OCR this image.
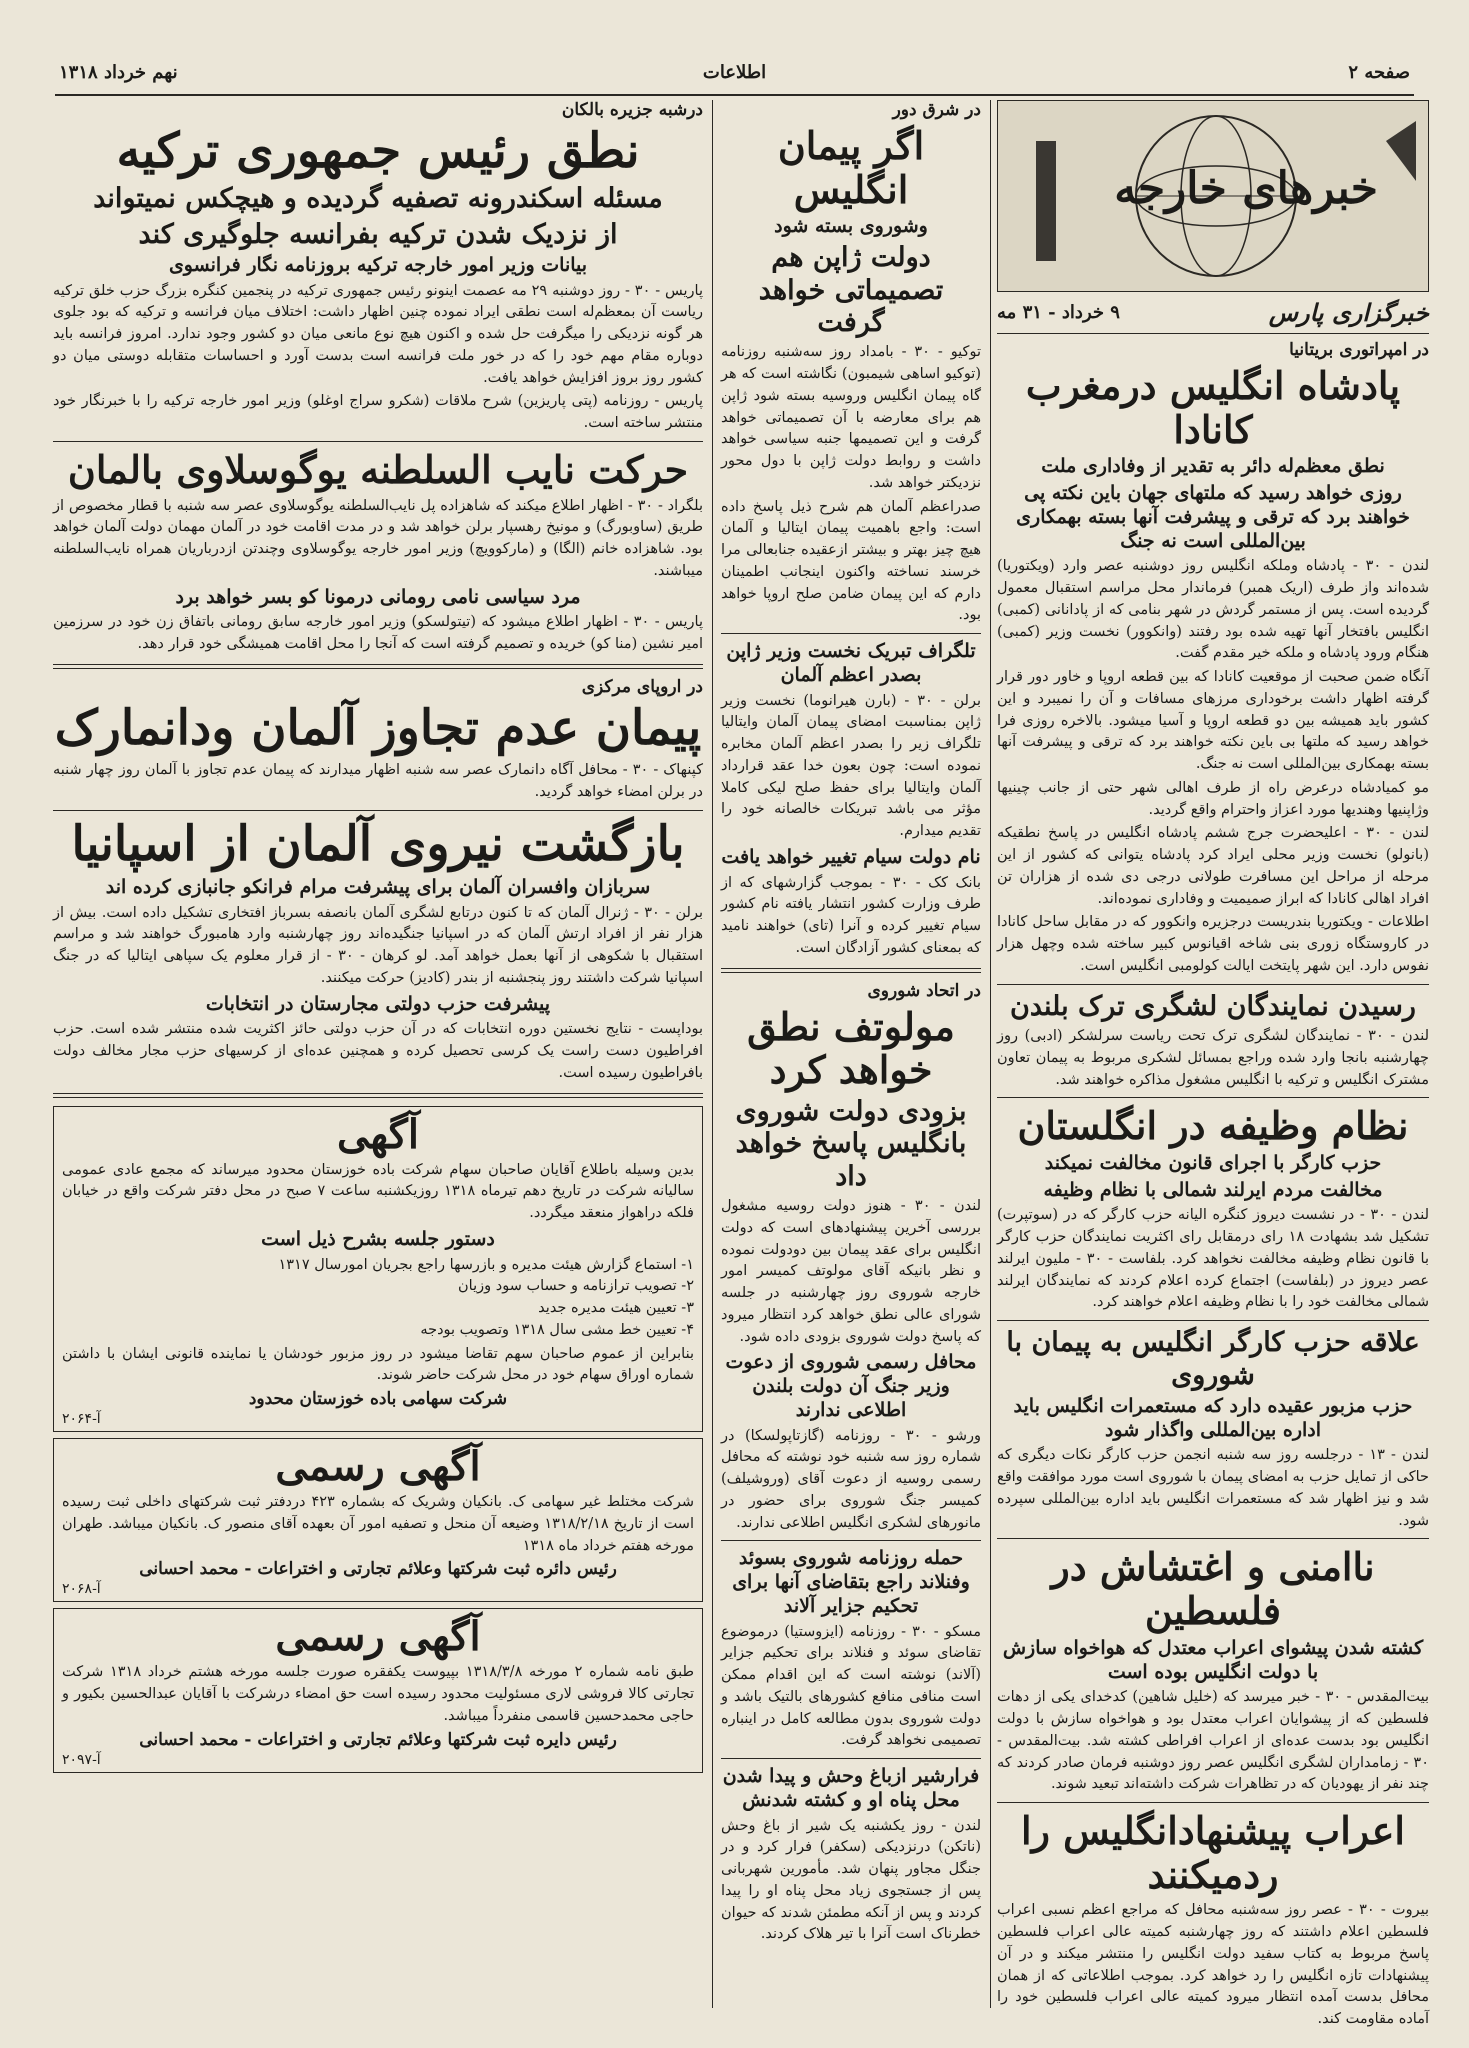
صفحه ۲
اطلاعات
نهم خرداد ۱۳۱۸
خبرهای خارجه
خبرگزاری پارس
۹ خرداد - ۳۱ مه
در امپراتوری بریتانیا
پادشاه انگلیس درمغرب کانادا
نطق معظم‌له دائر به تقدیر از وفاداری ملت
روزی خواهد رسید که ملتهای جهان باین نکته پی خواهند برد که ترقی و پیشرفت آنها بسته بهمکاری بین‌المللی است نه جنگ

لندن - ۳۰ - پادشاه وملکه انگلیس روز دوشنبه عصر وارد (ویکتوریا) شده‌اند واز طرف (اریک همبر) فرماندار محل مراسم استقبال معمول گردیده است. پس از مستمر گردش در شهر بنامی که از پادانانی (کمبی) انگلیس بافتخار آنها تهیه شده بود رفتند (وانکوور) نخست وزیر (کمبی) هنگام ورود پادشاه و ملکه خیر مقدم گفت.

آنگاه ضمن صحبت از موقعیت کانادا که بین قطعه اروپا و خاور دور قرار گرفته اظهار داشت برخوداری مرزهای مسافات و آن را نمیبرد و این کشور باید همیشه بین دو قطعه اروپا و آسیا میشود. بالاخره روزی فرا خواهد رسید که ملتها بی باین نکته خواهند برد که ترقی و پیشرفت آنها بسته بهمکاری بین‌المللی است نه جنگ.

مو کمیادشاه درعرض راه از طرف اهالی شهر حتی از جانب چینیها وژاپنیها وهندیها مورد اعزاز واحترام واقع گردید.

لندن - ۳۰ - اعلیحضرت جرج ششم پادشاه انگلیس در پاسخ نطقیکه (بانولو) نخست وزیر محلی ایراد کرد پادشاه یتوانی که کشور از این مرحله از مراحل این مسافرت طولانی درجی دی شده از هزاران تن افراد اهالی کانادا که ابراز صمیمیت و وفاداری نموده‌اند.

اطلاعات - ویکتوریا بندریست درجزیره وانکوور که در مقابل ساحل کانادا در کاروستگاه زوری بنی شاخه اقیانوس کبیر ساخته شده وچهل هزار نفوس دارد. این شهر پایتخت ایالت کولومبی انگلیس است.

رسیدن نمایندگان لشگری ترک بلندن

لندن - ۳۰ - نمایندگان لشگری ترک تحت ریاست سرلشکر (ادبی) روز چهارشنبه بانجا وارد شده وراجع بمسائل لشکری مربوط به پیمان تعاون مشترک انگلیس و ترکیه با انگلیس مشغول مذاکره خواهند شد.

نظام وظیفه در انگلستان
حزب کارگر با اجرای قانون مخالفت نمیکند
مخالفت مردم ایرلند شمالی با نظام وظیفه

لندن - ۳۰ - در نشست دیروز کنگره الیانه حزب کارگر که در (سوتپرت) تشکیل شد بشهادت ۱۸ رای درمقابل رای اکثریت نمایندگان حزب کارگر با قانون نظام وظیفه مخالفت نخواهد کرد. بلفاست - ۳۰ - ملیون ایرلند عصر دیروز در (بلفاست) اجتماع کرده اعلام کردند که نمایندگان ایرلند شمالی مخالفت خود را با نظام وظیفه اعلام خواهند کرد.

علاقه حزب کارگر انگلیس به پیمان با شوروی
حزب مزبور عقیده دارد که مستعمرات انگلیس باید اداره بین‌المللی واگذار شود

لندن - ۱۳ - درجلسه روز سه شنبه انجمن حزب کارگر نکات دیگری که حاکی از تمایل حزب به امضای پیمان با شوروی است مورد موافقت واقع شد و نیز اظهار شد که مستعمرات انگلیس باید اداره بین‌المللی سپرده شود.

ناامنی و اغتشاش در فلسطین
کشته شدن پیشوای اعراب معتدل که هواخواه سازش با دولت انگلیس بوده است

بیت‌المقدس - ۳۰ - خبر میرسد که (خلیل شاهین) کدخدای یکی از دهات فلسطین که از پیشوایان اعراب معتدل بود و هواخواه سازش با دولت انگلیس بود بدست عده‌ای از اعراب افراطی کشته شد. بیت‌المقدس - ۳۰ - زمامداران لشگری انگلیس عصر روز دوشنبه فرمان صادر کردند که چند نفر از یهودیان که در تظاهرات شرکت داشته‌اند تبعید شوند.

اعراب پیشنهادانگلیس را ردمیکنند

بیروت - ۳۰ - عصر روز سه‌شنبه محافل که مراجع اعظم نسبی اعراب فلسطین اعلام داشتند که روز چهارشنبه کمیته عالی اعراب فلسطین پاسخ مربوط به کتاب سفید دولت انگلیس را منتشر میکند و در آن پیشنهادات تازه انگلیس را رد خواهد کرد. بموجب اطلاعاتی که از همان محافل بدست آمده انتظار میرود کمیته عالی اعراب فلسطین خود را آماده مقاومت کند.

در شرق دور
اگر پیمان انگلیس
وشوروی بسته شود
دولت ژاپن هم تصمیماتی خواهد گرفت

توکیو - ۳۰ - بامداد روز سه‌شنبه روزنامه (توکیو اساهی شیمبون) نگاشته است که هر گاه پیمان انگلیس وروسیه بسته شود ژاپن هم برای معارضه با آن تصمیماتی خواهد گرفت و این تصمیمها جنبه سیاسی خواهد داشت و روابط دولت ژاپن با دول محور نزدیکتر خواهد شد.

صدراعظم آلمان هم شرح ذیل پاسخ داده است: واجع باهمیت پیمان ایتالیا و آلمان هیچ چیز بهتر و بیشتر ازعقیده جنابعالی مرا خرسند نساخته واکنون اینجانب اطمینان دارم که این پیمان ضامن صلح اروپا خواهد بود.

تلگراف تبریک نخست وزیر ژاپن بصدر اعظم آلمان

برلن - ۳۰ - (بارن هیرانوما) نخست وزیر ژاپن بمناسبت امضای پیمان آلمان وایتالیا تلگراف زیر را بصدر اعظم آلمان مخابره نموده است: چون بعون خدا عقد قرارداد آلمان وایتالیا برای حفظ صلح لیکی کاملا مؤثر می باشد تبریکات خالصانه خود را تقدیم میدارم.

نام دولت سیام تغییر خواهد یافت

بانک کک - ۳۰ - بموجب گزارشهای که از طرف وزارت کشور انتشار یافته نام کشور سیام تغییر کرده و آنرا (تای) خواهند نامید که بمعنای کشور آزادگان است.

در اتحاد شوروی
مولوتف نطق خواهد کرد
بزودی دولت شوروی بانگلیس پاسخ خواهد داد

لندن - ۳۰ - هنوز دولت روسیه مشغول بررسی آخرین پیشنهادهای است که دولت انگلیس برای عقد پیمان بین دودولت نموده و نظر بانیکه آقای مولوتف کمیسر امور خارجه شوروی روز چهارشنبه در جلسه شورای عالی نطق خواهد کرد انتظار میرود که پاسخ دولت شوروی بزودی داده شود.

محافل رسمی شوروی از دعوت وزیر جنگ آن دولت بلندن اطلاعی ندارند

ورشو - ۳۰ - روزنامه (گازتاپولسکا) در شماره روز سه شنبه خود نوشته که محافل رسمی روسیه از دعوت آقای (وروشیلف) کمیسر جنگ شوروی برای حضور در مانورهای لشکری انگلیس اطلاعی ندارند.

حمله روزنامه شوروی بسوئد وفنلاند راجع بتقاضای آنها برای تحکیم جزایر آلاند

مسکو - ۳۰ - روزنامه (ایزوستیا) درموضوع تقاضای سوئد و فنلاند برای تحکیم جزایر (آلاند) نوشته است که این اقدام ممکن است منافی منافع کشورهای بالتیک باشد و دولت شوروی بدون مطالعه کامل در اینباره تصمیمی نخواهد گرفت.

فرارشیر ازباغ وحش و پیدا شدن محل پناه او و کشته شدنش

لندن - روز یکشنبه یک شیر از باغ وحش (ناتکن) درنزدیکی (سکفر) فرار کرد و در جنگل مجاور پنهان شد. مأمورین شهربانی پس از جستجوی زیاد محل پناه او را پیدا کردند و پس از آنکه مطمئن شدند که حیوان خطرناک است آنرا با تیر هلاک کردند.

درشبه جزیره بالکان
نطق رئیس جمهوری ترکیه
مسئله اسکندرونه تصفیه گردیده و هیچکس نمیتواند
از نزدیک شدن ترکیه بفرانسه جلوگیری کند
بیانات وزیر امور خارجه ترکیه بروزنامه نگار فرانسوی

پاریس - ۳۰ - روز دوشنبه ۲۹ مه عصمت اینونو رئیس جمهوری ترکیه در پنجمین کنگره بزرگ حزب خلق ترکیه ریاست آن بمعظم‌له است نطقی ایراد نموده چنین اظهار داشت: اختلاف میان فرانسه و ترکیه که بود جلوی هر گونه نزدیکی را میگرفت حل شده و اکنون هیچ نوع مانعی میان دو کشور وجود ندارد. امروز فرانسه باید دوباره مقام مهم خود را که در خور ملت فرانسه است بدست آورد و احساسات متقابله دوستی میان دو کشور روز بروز افزایش خواهد یافت.

پاریس - روزنامه (پتی پاریزین) شرح ملاقات (شکرو سراج اوغلو) وزیر امور خارجه ترکیه را با خبرنگار خود منتشر ساخته است.

حرکت نایب السلطنه یوگوسلاوی بالمان

بلگراد - ۳۰ - اظهار اطلاع میکند که شاهزاده پل نایب‌السلطنه یوگوسلاوی عصر سه شنبه با قطار مخصوص از طریق (ساوبورگ) و مونیخ رهسپار برلن خواهد شد و در مدت اقامت خود در آلمان مهمان دولت آلمان خواهد بود. شاهزاده خانم (الگا) و (مارکوویچ) وزیر امور خارجه یوگوسلاوی وچندتن ازدرباریان همراه نایب‌السلطنه میباشند.

مرد سیاسی نامی رومانی درمونا کو بسر خواهد برد

پاریس - ۳۰ - اظهار اطلاع میشود که (تیتولسکو) وزیر امور خارجه سابق رومانی باتفاق زن خود در سرزمین امیر نشین (منا کو) خریده و تصمیم گرفته است که آنجا را محل اقامت همیشگی خود قرار دهد.

در اروپای مرکزی
پیمان عدم تجاوز آلمان ودانمارک

کپنهاک - ۳۰ - محافل آگاه دانمارک عصر سه شنبه اظهار میدارند که پیمان عدم تجاوز با آلمان روز چهار شنبه در برلن امضاء خواهد گردید.

بازگشت نیروی آلمان از اسپانیا
سربازان وافسران آلمان برای پیشرفت مرام فرانکو جانبازی کرده اند

برلن - ۳۰ - ژنرال آلمان که تا کنون درتابع لشگری آلمان بانصفه بسرباز افتخاری تشکیل داده است. بیش از هزار نفر از افراد ارتش آلمان که در اسپانیا جنگیده‌اند روز چهارشنبه وارد هامبورگ خواهند شد و مراسم استقبال با شکوهی از آنها بعمل خواهد آمد. لو کرهان - ۳۰ - از قرار معلوم یک سپاهی ایتالیا که در جنگ اسپانیا شرکت داشتند روز پنجشنبه از بندر (کادیز) حرکت میکنند.

پیشرفت حزب دولتی مجارستان در انتخابات

بوداپست - نتایج نخستین دوره انتخابات که در آن حزب دولتی حائز اکثریت شده منتشر شده است. حزب افراطیون دست راست یک کرسی تحصیل کرده و همچنین عده‌ای از کرسیهای حزب مجار مخالف دولت بافراطیون رسیده است.

آگهی

بدین وسیله باطلاع آقایان صاحبان سهام شرکت باده خوزستان محدود میرساند که مجمع عادی عمومی سالیانه شرکت در تاریخ دهم تیرماه ۱۳۱۸ روزیکشنبه ساعت ۷ صبح در محل دفتر شرکت واقع در خیابان فلکه دراهواز منعقد میگردد.

دستور جلسه بشرح ذیل است
۱- استماع گزارش هیئت مدیره و بازرسها راجع بجریان امورسال ۱۳۱۷
۲- تصویب ترازنامه و حساب سود وزیان
۳- تعیین هیئت مدیره جدید
۴- تعیین خط مشی سال ۱۳۱۸ وتصویب بودجه

بنابراین از عموم صاحبان سهم تقاضا میشود در روز مزبور خودشان یا نماینده قانونی ایشان با داشتن شماره اوراق سهام خود در محل شرکت حاضر شوند.

شرکت سهامی باده خوزستان محدود
آ-۲۰۶۴
آگهی رسمی

شرکت مختلط غیر سهامی ک. بانکیان وشریک که بشماره ۴۲۳ دردفتر ثبت شرکتهای داخلی ثبت رسیده است از تاریخ ۱۳۱۸/۲/۱۸ وضیعه آن منحل و تصفیه امور آن بعهده آقای منصور ک. بانکیان میباشد. طهران مورخه هفتم خرداد ماه ۱۳۱۸

رئیس دائره ثبت شرکتها وعلائم تجارتی و اختراعات - محمد احسانی
آ-۲۰۶۸
آگهی رسمی

طبق نامه شماره ۲ مورخه ۱۳۱۸/۳/۸ بپیوست یکفقره صورت جلسه مورخه هشتم خرداد ۱۳۱۸ شرکت تجارتی کالا فروشی لاری مسئولیت محدود رسیده است حق امضاء درشرکت با آقایان عبدالحسین بکیور و حاجی محمدحسین قاسمی منفرداً میباشد.

رئیس دایره ثبت شرکتها وعلائم تجارتی و اختراعات - محمد احسانی
آ-۲۰۹۷
